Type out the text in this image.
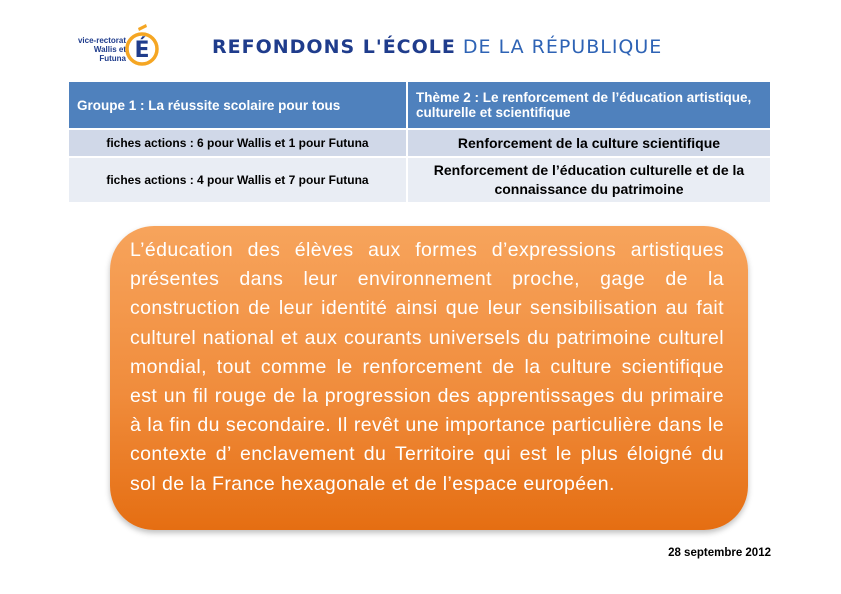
vice-rectorat
Wallis et Futuna É	REFONDONS L'ÉCOLE DE LA RÉPUBLIQUE
Groupe 1 : La réussite scolaire pour tous	Thème 2 : Le renforcement de l’éducation artistique, culturelle et scientifique
fiches actions : 6 pour Wallis et 1 pour Futuna	Renforcement de la culture scientifique
fiches actions : 4 pour Wallis et 7 pour Futuna	Renforcement de l’éducation culturelle et de la connaissance du patrimoine
L’éducation des élèves aux formes d’expressions artistiques présentes dans leur environnement proche, gage de la construction de leur identité ainsi que leur sensibilisation au fait culturel national et aux courants universels du patrimoine culturel mondial, tout comme le renforcement de la culture scientifique est un fil rouge de la progression des apprentissages du primaire à la fin du secondaire. Il revêt une importance particulière dans le contexte d’ enclavement du Territoire qui est le plus éloigné du sol de la France hexagonale et de l’espace européen.
28 septembre 2012
